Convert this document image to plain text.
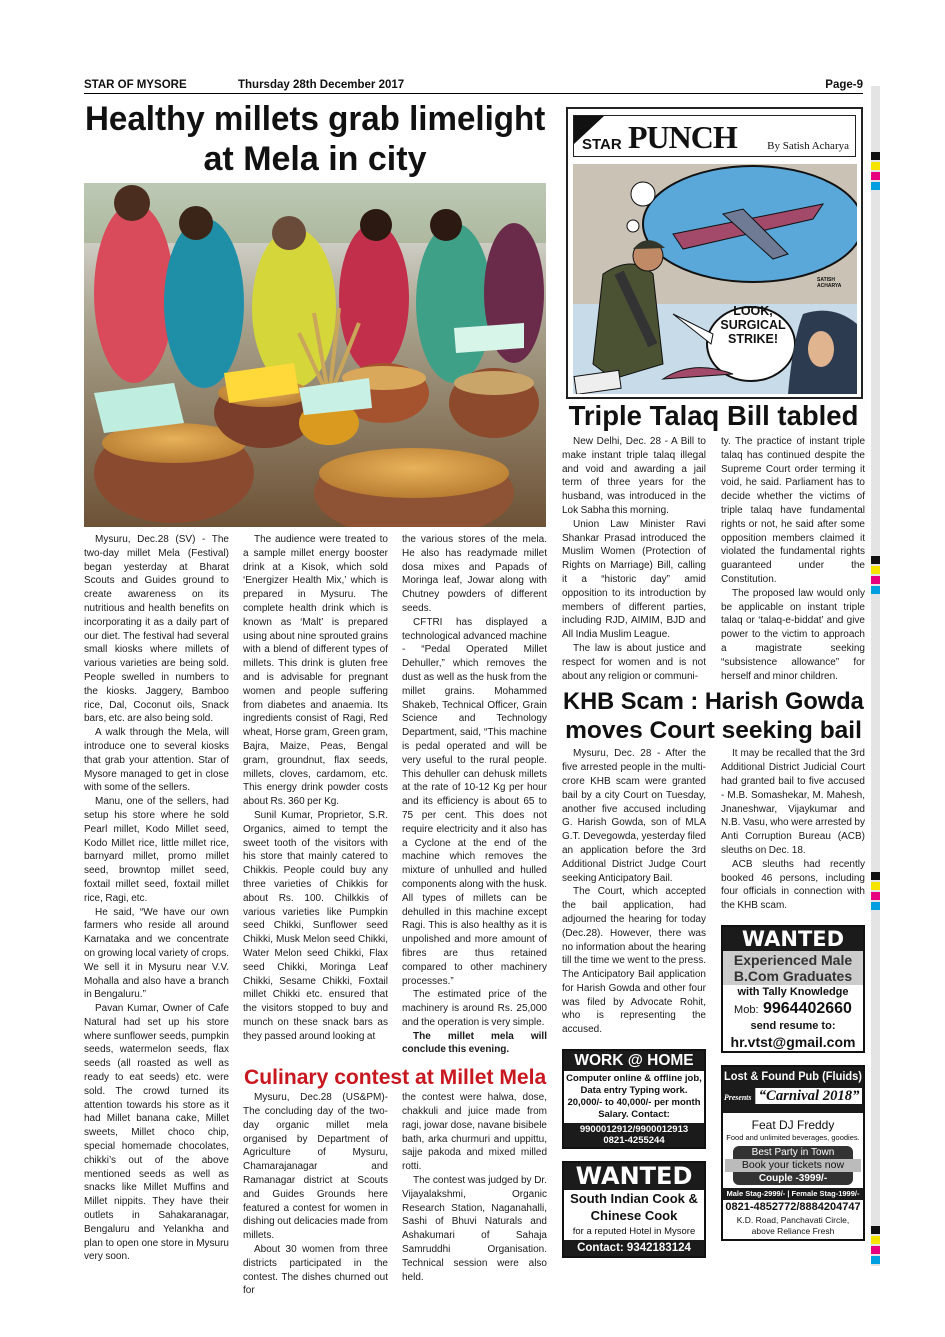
STAR OF MYSORE	Thursday 28th December 2017	Page-9
Healthy millets grab limelight
at Mela in city

Mysuru, Dec.28 (SV) - The two-day millet Mela (Festival) began yesterday at Bharat Scouts and Guides ground to create awareness on its nutritious and health benefits on incorporating it as a daily part of our diet. The festival had several small kiosks where millets of various varieties are being sold. People swelled in numbers to the kiosks. Jaggery, Bamboo rice, Dal, Coconut oils, Snack bars, etc. are also being sold.

A walk through the Mela, will introduce one to several kiosks that grab your attention. Star of Mysore managed to get in close with some of the sellers.

Manu, one of the sellers, had setup his store where he sold Pearl millet, Kodo Millet seed, Kodo Millet rice, little millet rice, barnyard millet, promo millet seed, browntop millet seed, foxtail millet seed, foxtail millet rice, Ragi, etc.

He said, “We have our own farmers who reside all around Karnataka and we concentrate on growing local variety of crops. We sell it in Mysuru near V.V. Mohalla and also have a branch in Bengaluru.”

Pavan Kumar, Owner of Cafe Natural had set up his store where sunflower seeds, pumpkin seeds, watermelon seeds, flax seeds (all roasted as well as ready to eat seeds) etc. were sold. The crowd turned its attention towards his store as it had Millet banana cake, Millet sweets, Millet choco chip, special homemade chocolates, chikki’s out of the above mentioned seeds as well as snacks like Millet Muffins and Millet nippits. They have their outlets in Sahakaranagar, Bengaluru and Yelankha and plan to open one store in Mysuru very soon.

The audience were treated to a sample millet energy booster drink at a Kisok, which sold ‘Energizer Health Mix,’ which is prepared in Mysuru. The complete health drink which is known as ‘Malt’ is prepared using about nine sprouted grains with a blend of different types of millets. This drink is gluten free and is advisable for pregnant women and people suffering from diabetes and anaemia. Its ingredients consist of Ragi, Red wheat, Horse gram, Green gram, Bajra, Maize, Peas, Bengal gram, groundnut, flax seeds, millets, cloves, cardamom, etc. This energy drink powder costs about Rs. 360 per Kg.

Sunil Kumar, Proprietor, S.R. Organics, aimed to tempt the sweet tooth of the visitors with his store that mainly catered to Chikkis. People could buy any three varieties of Chikkis for about Rs. 100. Chilkkis of various varieties like Pumpkin seed Chikki, Sunflower seed Chikki, Musk Melon seed Chikki, Water Melon seed Chikki, Flax seed Chikki, Moringa Leaf Chikki, Sesame Chikki, Foxtail millet Chikki etc. ensured that the visitors stopped to buy and munch on these snack bars as they passed around looking at

the various stores of the mela. He also has readymade millet dosa mixes and Papads of Moringa leaf, Jowar along with Chutney powders of different seeds.

CFTRI has displayed a technological advanced machine - “Pedal Operated Millet Dehuller,” which removes the dust as well as the husk from the millet grains. Mohammed Shakeb, Technical Officer, Grain Science and Technology Department, said, “This machine is pedal operated and will be very useful to the rural people. This dehuller can dehusk millets at the rate of 10-12 Kg per hour and its efficiency is about 65 to 75 per cent. This does not require electricity and it also has a Cyclone at the end of the machine which removes the mixture of unhulled and hulled components along with the husk. All types of millets can be dehulled in this machine except Ragi. This is also healthy as it is unpolished and more amount of fibres are thus retained compared to other machinery processes.”

The estimated price of the machinery is around Rs. 25,000 and the operation is very simple.

The millet mela will conclude this evening.

Culinary contest at Millet Mela

Mysuru, Dec.28 (US&PM)- The concluding day of the two-day organic millet mela organised by Department of Agriculture of Mysuru, Chamarajanagar and Ramanagar district at Scouts and Guides Grounds here featured a contest for women in dishing out delicacies made from millets.

About 30 women from three districts participated in the contest. The dishes churned out for

the contest were halwa, dose, chakkuli and juice made from ragi, jowar dose, navane bisibele bath, arka churmuri and uppittu, sajje pakoda and mixed milled rotti.

The contest was judged by Dr. Vijayalakshmi, Organic Research Station, Naganahalli, Sashi of Bhuvi Naturals and Ashakumari of Sahaja Samruddhi Organisation. Technical session were also held.

STAR PUNCH	By Satish Acharya
LOOK, SURGICAL STRIKE!
SATISH ACHARYA
Triple Talaq Bill tabled

New Delhi, Dec. 28 - A Bill to make instant triple talaq illegal and void and awarding a jail term of three years for the husband, was introduced in the Lok Sabha this morning.

Union Law Minister Ravi Shankar Prasad introduced the Muslim Women (Protection of Rights on Marriage) Bill, calling it a “historic day” amid opposition to its introduction by members of different parties, including RJD, AIMIM, BJD and All India Muslim League.

The law is about justice and respect for women and is not about any religion or communi-

ty. The practice of instant triple talaq has continued despite the Supreme Court order terming it void, he said. Parliament has to decide whether the victims of triple talaq have fundamental rights or not, he said after some opposition members claimed it violated the fundamental rights guaranteed under the Constitution.

The proposed law would only be applicable on instant triple talaq or ‘talaq-e-biddat’ and give power to the victim to approach a magistrate seeking “subsistence allowance” for herself and minor children.

KHB Scam : Harish Gowda
moves Court seeking bail

Mysuru, Dec. 28 - After the five arrested people in the multi-crore KHB scam were granted bail by a city Court on Tuesday, another five accused including G. Harish Gowda, son of MLA G.T. Devegowda, yesterday filed an application before the 3rd Additional District Judge Court seeking Anticipatory Bail.

The Court, which accepted the bail application, had adjourned the hearing for today (Dec.28). However, there was no information about the hearing till the time we went to the press. The Anticipatory Bail application for Harish Gowda and other four was filed by Advocate Rohit, who is representing the accused.

WORK @ HOME
Computer online & offline job, Data entry Typing work. 20,000/- to 40,000/- per month Salary. Contact:
9900012912/9900012913
0821-4255244
WANTED
South Indian Cook &
Chinese Cook
for a reputed Hotel in Mysore
Contact: 9342183124

It may be recalled that the 3rd Additional District Judicial Court had granted bail to five accused - M.B. Somashekar, M. Mahesh, Jnaneshwar, Vijaykumar and N.B. Vasu, who were arrested by Anti Corruption Bureau (ACB) sleuths on Dec. 18.

ACB sleuths had recently booked 46 persons, including four officials in connection with the KHB scam.

WANTED
Experienced Male
B.Com Graduates
with Tally Knowledge
Mob: 9964402660
send resume to:
hr.vtst@gmail.com
Lost & Found Pub (Fluids)
Presents “Carnival 2018”
Feat DJ Freddy
Food and unlimited beverages, goodies.
Best Party in Town
Book your tickets now
Couple -3999/-
Male Stag-2999/- | Female Stag-1999/-
0821-4852772/8884204747
K.D. Road, Panchavati Circle,
above Reliance Fresh
